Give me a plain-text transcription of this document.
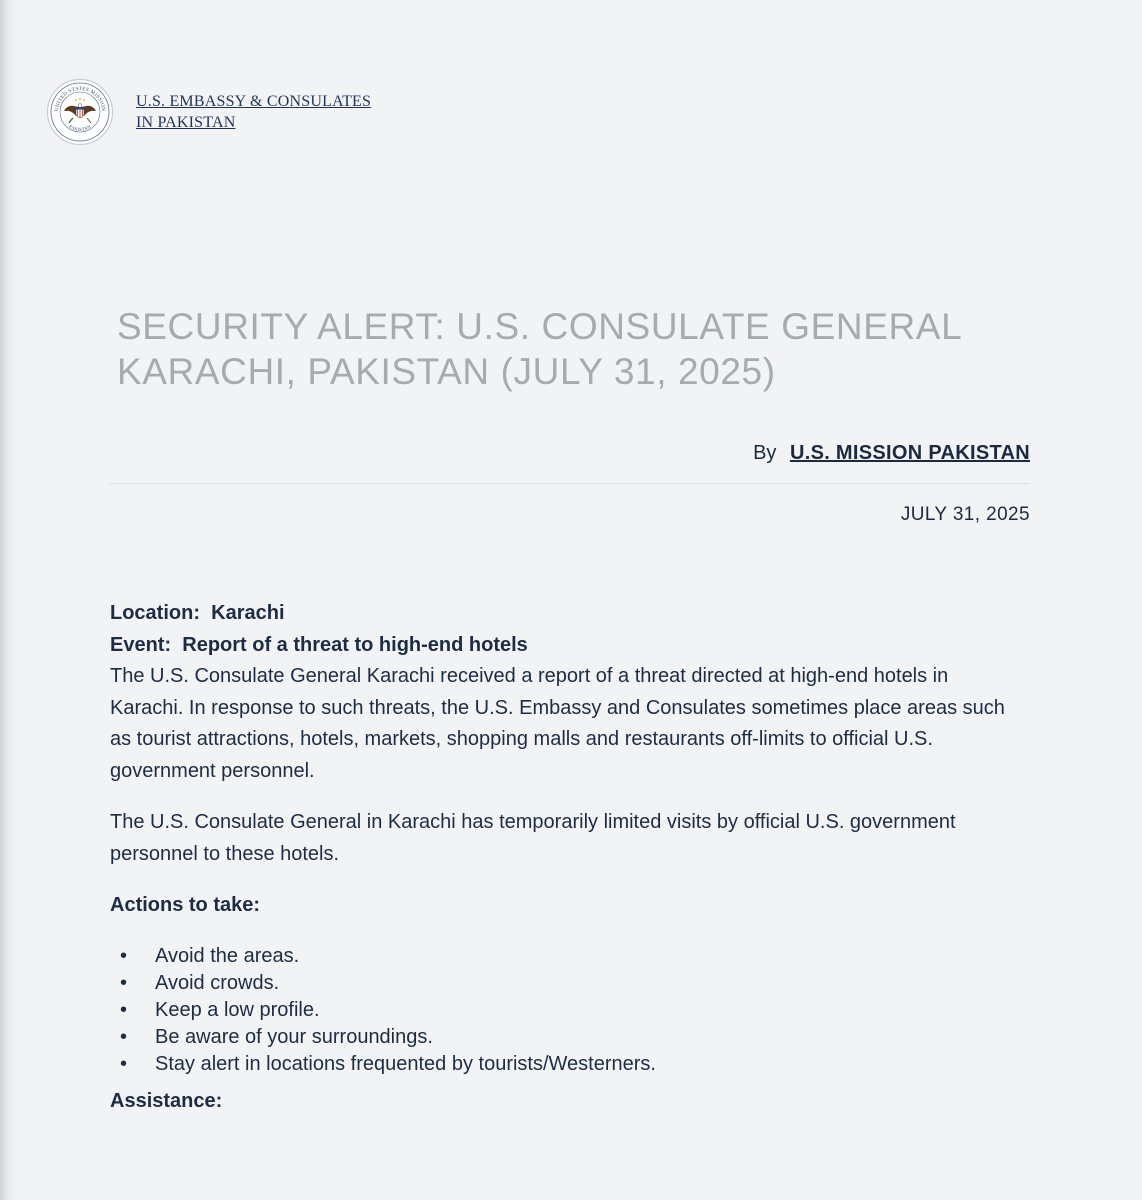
UNITED STATES MISSION
PAKISTAN
U.S. EMBASSY & CONSULATES
IN PAKISTAN
SECURITY ALERT: U.S. CONSULATE GENERAL KARACHI, PAKISTAN (JULY 31, 2025)
By U.S. MISSION PAKISTAN
JULY 31, 2025

Location: Karachi

Event: Report of a threat to high-end hotels

The U.S. Consulate General Karachi received a report of a threat directed at high-end hotels in Karachi. In response to such threats, the U.S. Embassy and Consulates sometimes place areas such as tourist attractions, hotels, markets, shopping malls and restaurants off-limits to official U.S. government personnel.

The U.S. Consulate General in Karachi has temporarily limited visits by official U.S. government personnel to these hotels.

Actions to take:

• Avoid the areas.
• Avoid crowds.
• Keep a low profile.
• Be aware of your surroundings.
• Stay alert in locations frequented by tourists/Westerners.

Assistance:
